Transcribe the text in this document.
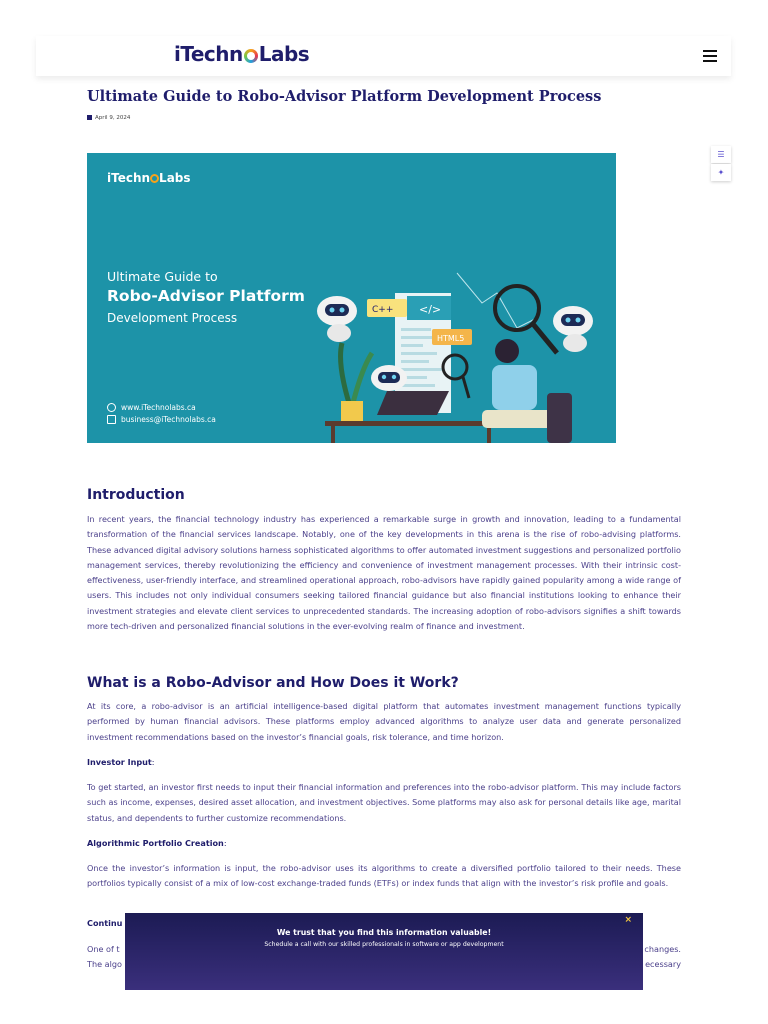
iTechn Labs
Ultimate Guide to Robo-Advisor Platform Development Process
April 9, 2024
☰
✦
iTechn Labs
Ultimate Guide to
Robo-Advisor Platform
Development Process
</>
C++
HTML5
www.iTechnolabs.ca
business@iTechnolabs.ca
Introduction

In recent years, the financial technology industry has experienced a remarkable surge in growth and innovation, leading to a fundamental transformation of the financial services landscape. Notably, one of the key developments in this arena is the rise of robo-advising platforms. These advanced digital advisory solutions harness sophisticated algorithms to offer automated investment suggestions and personalized portfolio management services, thereby revolutionizing the efficiency and convenience of investment management processes. With their intrinsic cost-effectiveness, user-friendly interface, and streamlined operational approach, robo-advisors have rapidly gained popularity among a wide range of users. This includes not only individual consumers seeking tailored financial guidance but also financial institutions looking to enhance their investment strategies and elevate client services to unprecedented standards. The increasing adoption of robo-advisors signifies a shift towards more tech-driven and personalized financial solutions in the ever-evolving realm of finance and investment.

What is a Robo-Advisor and How Does it Work?

At its core, a robo-advisor is an artificial intelligence-based digital platform that automates investment management functions typically performed by human financial advisors. These platforms employ advanced algorithms to analyze user data and generate personalized investment recommendations based on the investor’s financial goals, risk tolerance, and time horizon.

Investor Input:

To get started, an investor first needs to input their financial information and preferences into the robo-advisor platform. This may include factors such as income, expenses, desired asset allocation, and investment objectives. Some platforms may also ask for personal details like age, marital status, and dependents to further customize recommendations.

Algorithmic Portfolio Creation:

Once the investor’s information is input, the robo-advisor uses its algorithms to create a diversified portfolio tailored to their needs. These portfolios typically consist of a mix of low-cost exchange-traded funds (ETFs) or index funds that align with the investor’s risk profile and goals.

Continu
One of t	changes.
The algo	ecessary
We trust that you find this information valuable!
Schedule a call with our skilled professionals in software or app development
×
